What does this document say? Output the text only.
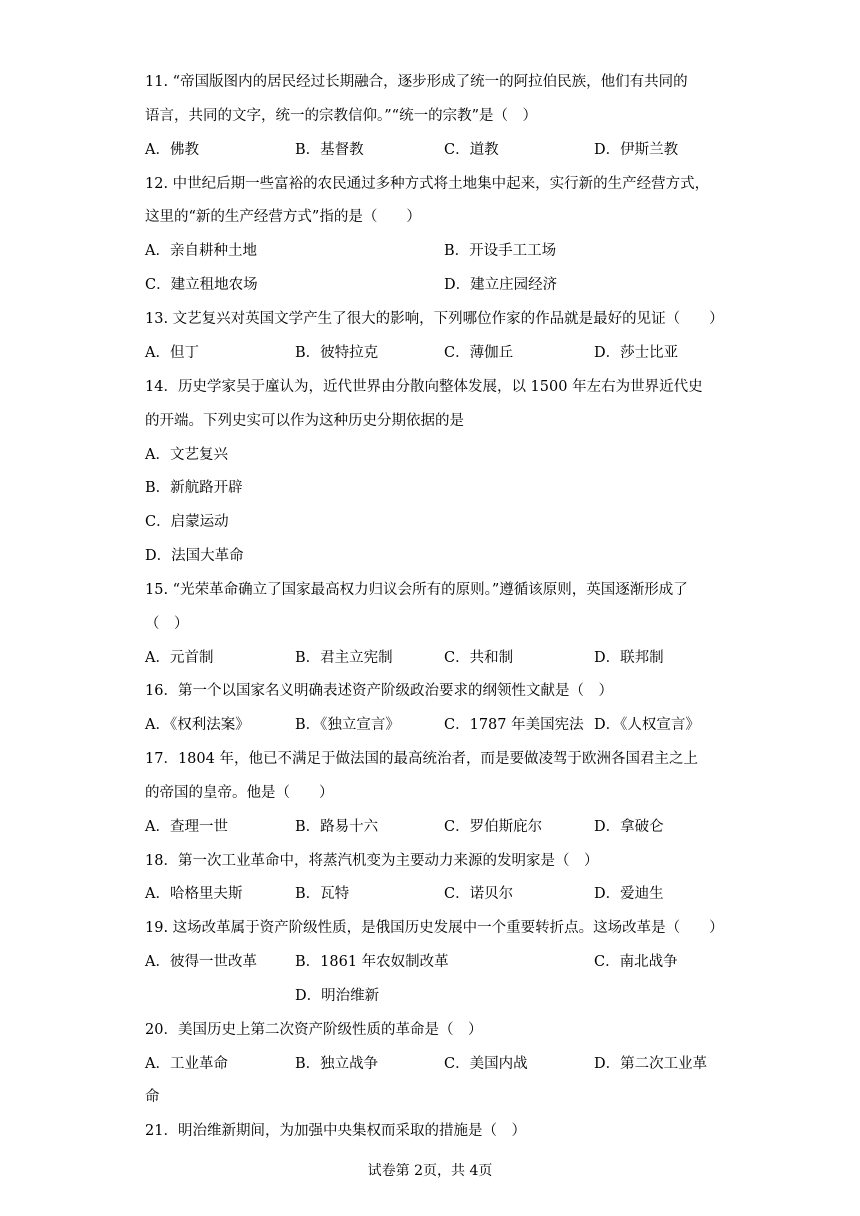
11. “帝国版图内的居民经过长期融合，逐步形成了统一的阿拉伯民族，他们有共同的
语言，共同的文字，统一的宗教信仰。”“统一的宗教”是（　）
A．佛教	B．基督教	C．道教	D．伊斯兰教
12. 中世纪后期一些富裕的农民通过多种方式将土地集中起来，实行新的生产经营方式，
这里的“新的生产经营方式”指的是（　　）
A．亲自耕种土地	B．开设手工工场
C．建立租地农场	D．建立庄园经济
13. 文艺复兴对英国文学产生了很大的影响，下列哪位作家的作品就是最好的见证（　　）
A．但丁	B．彼特拉克	C．薄伽丘	D．莎士比亚
14．历史学家吴于廑认为，近代世界由分散向整体发展，以 1500 年左右为世界近代史
的开端。下列史实可以作为这种历史分期依据的是
A．文艺复兴
B．新航路开辟
C．启蒙运动
D．法国大革命
15. “光荣革命确立了国家最高权力归议会所有的原则。”遵循该原则，英国逐渐形成了
（　）
A．元首制	B．君主立宪制	C．共和制	D．联邦制
16．第一个以国家名义明确表述资产阶级政治要求的纲领性文献是（　）
A．《权利法案》	B．《独立宣言》	C．1787 年美国宪法 D．《人权宣言》
17．1804 年，他已不满足于做法国的最高统治者，而是要做凌驾于欧洲各国君主之上
的帝国的皇帝。他是（　　）
A．查理一世	B．路易十六	C．罗伯斯庇尔	D．拿破仑
18．第一次工业革命中，将蒸汽机变为主要动力来源的发明家是（　）
A．哈格里夫斯	B．瓦特	C．诺贝尔	D．爱迪生
19. 这场改革属于资产阶级性质，是俄国历史发展中一个重要转折点。这场改革是（　　）
A．彼得一世改革	B．1861 年农奴制改革	C．南北战争
D．明治维新
20．美国历史上第二次资产阶级性质的革命是（　）
A．工业革命	B．独立战争	C．美国内战	D．第二次工业革
命
21．明治维新期间，为加强中央集权而采取的措施是（　）
试卷第 2页，共 4页
